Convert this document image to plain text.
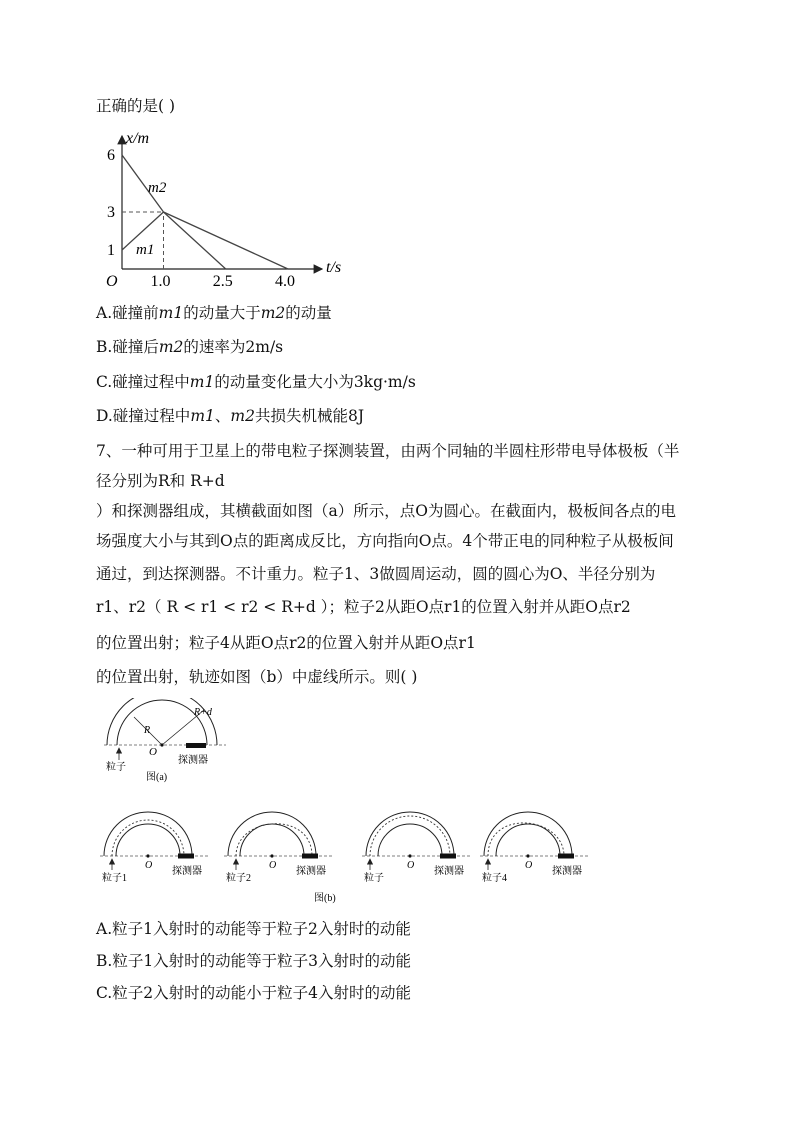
正确的是( )
6
3
1
1.0	2.5	4.0
x/m
t/s
O
m2
m1
A.碰撞前m1的动量大于m2的动量
B.碰撞后m2的速率为2m/s
C.碰撞过程中m1的动量变化量大小为3kg·m/s
D.碰撞过程中m1、m2共损失机械能8J
7、一种可用于卫星上的带电粒子探测装置，由两个同轴的半圆柱形带电导体极板（半
径分别为R和 R+d
）和探测器组成，其横截面如图（a）所示，点O为圆心。在截面内，极板间各点的电
场强度大小与其到O点的距离成反比，方向指向O点。4个带正电的同种粒子从极板间
通过，到达探测器。不计重力。粒子1、3做圆周运动，圆的圆心为O、半径分别为
r1、r2（ R < r1 < r2 < R+d ）；粒子2从距O点r1的位置入射并从距O点r2
的位置出射；粒子4从距O点r2的位置入射并从距O点r1
的位置出射，轨迹如图（b）中虚线所示。则( )
R
R+d
O
粒子
探测器
图(a)
O
粒子1
探测器
O
粒子2
探测器
O
粒子
探测器
O
粒子4
探测器
图(b)
A.粒子1入射时的动能等于粒子2入射时的动能
B.粒子1入射时的动能等于粒子3入射时的动能
C.粒子2入射时的动能小于粒子4入射时的动能
